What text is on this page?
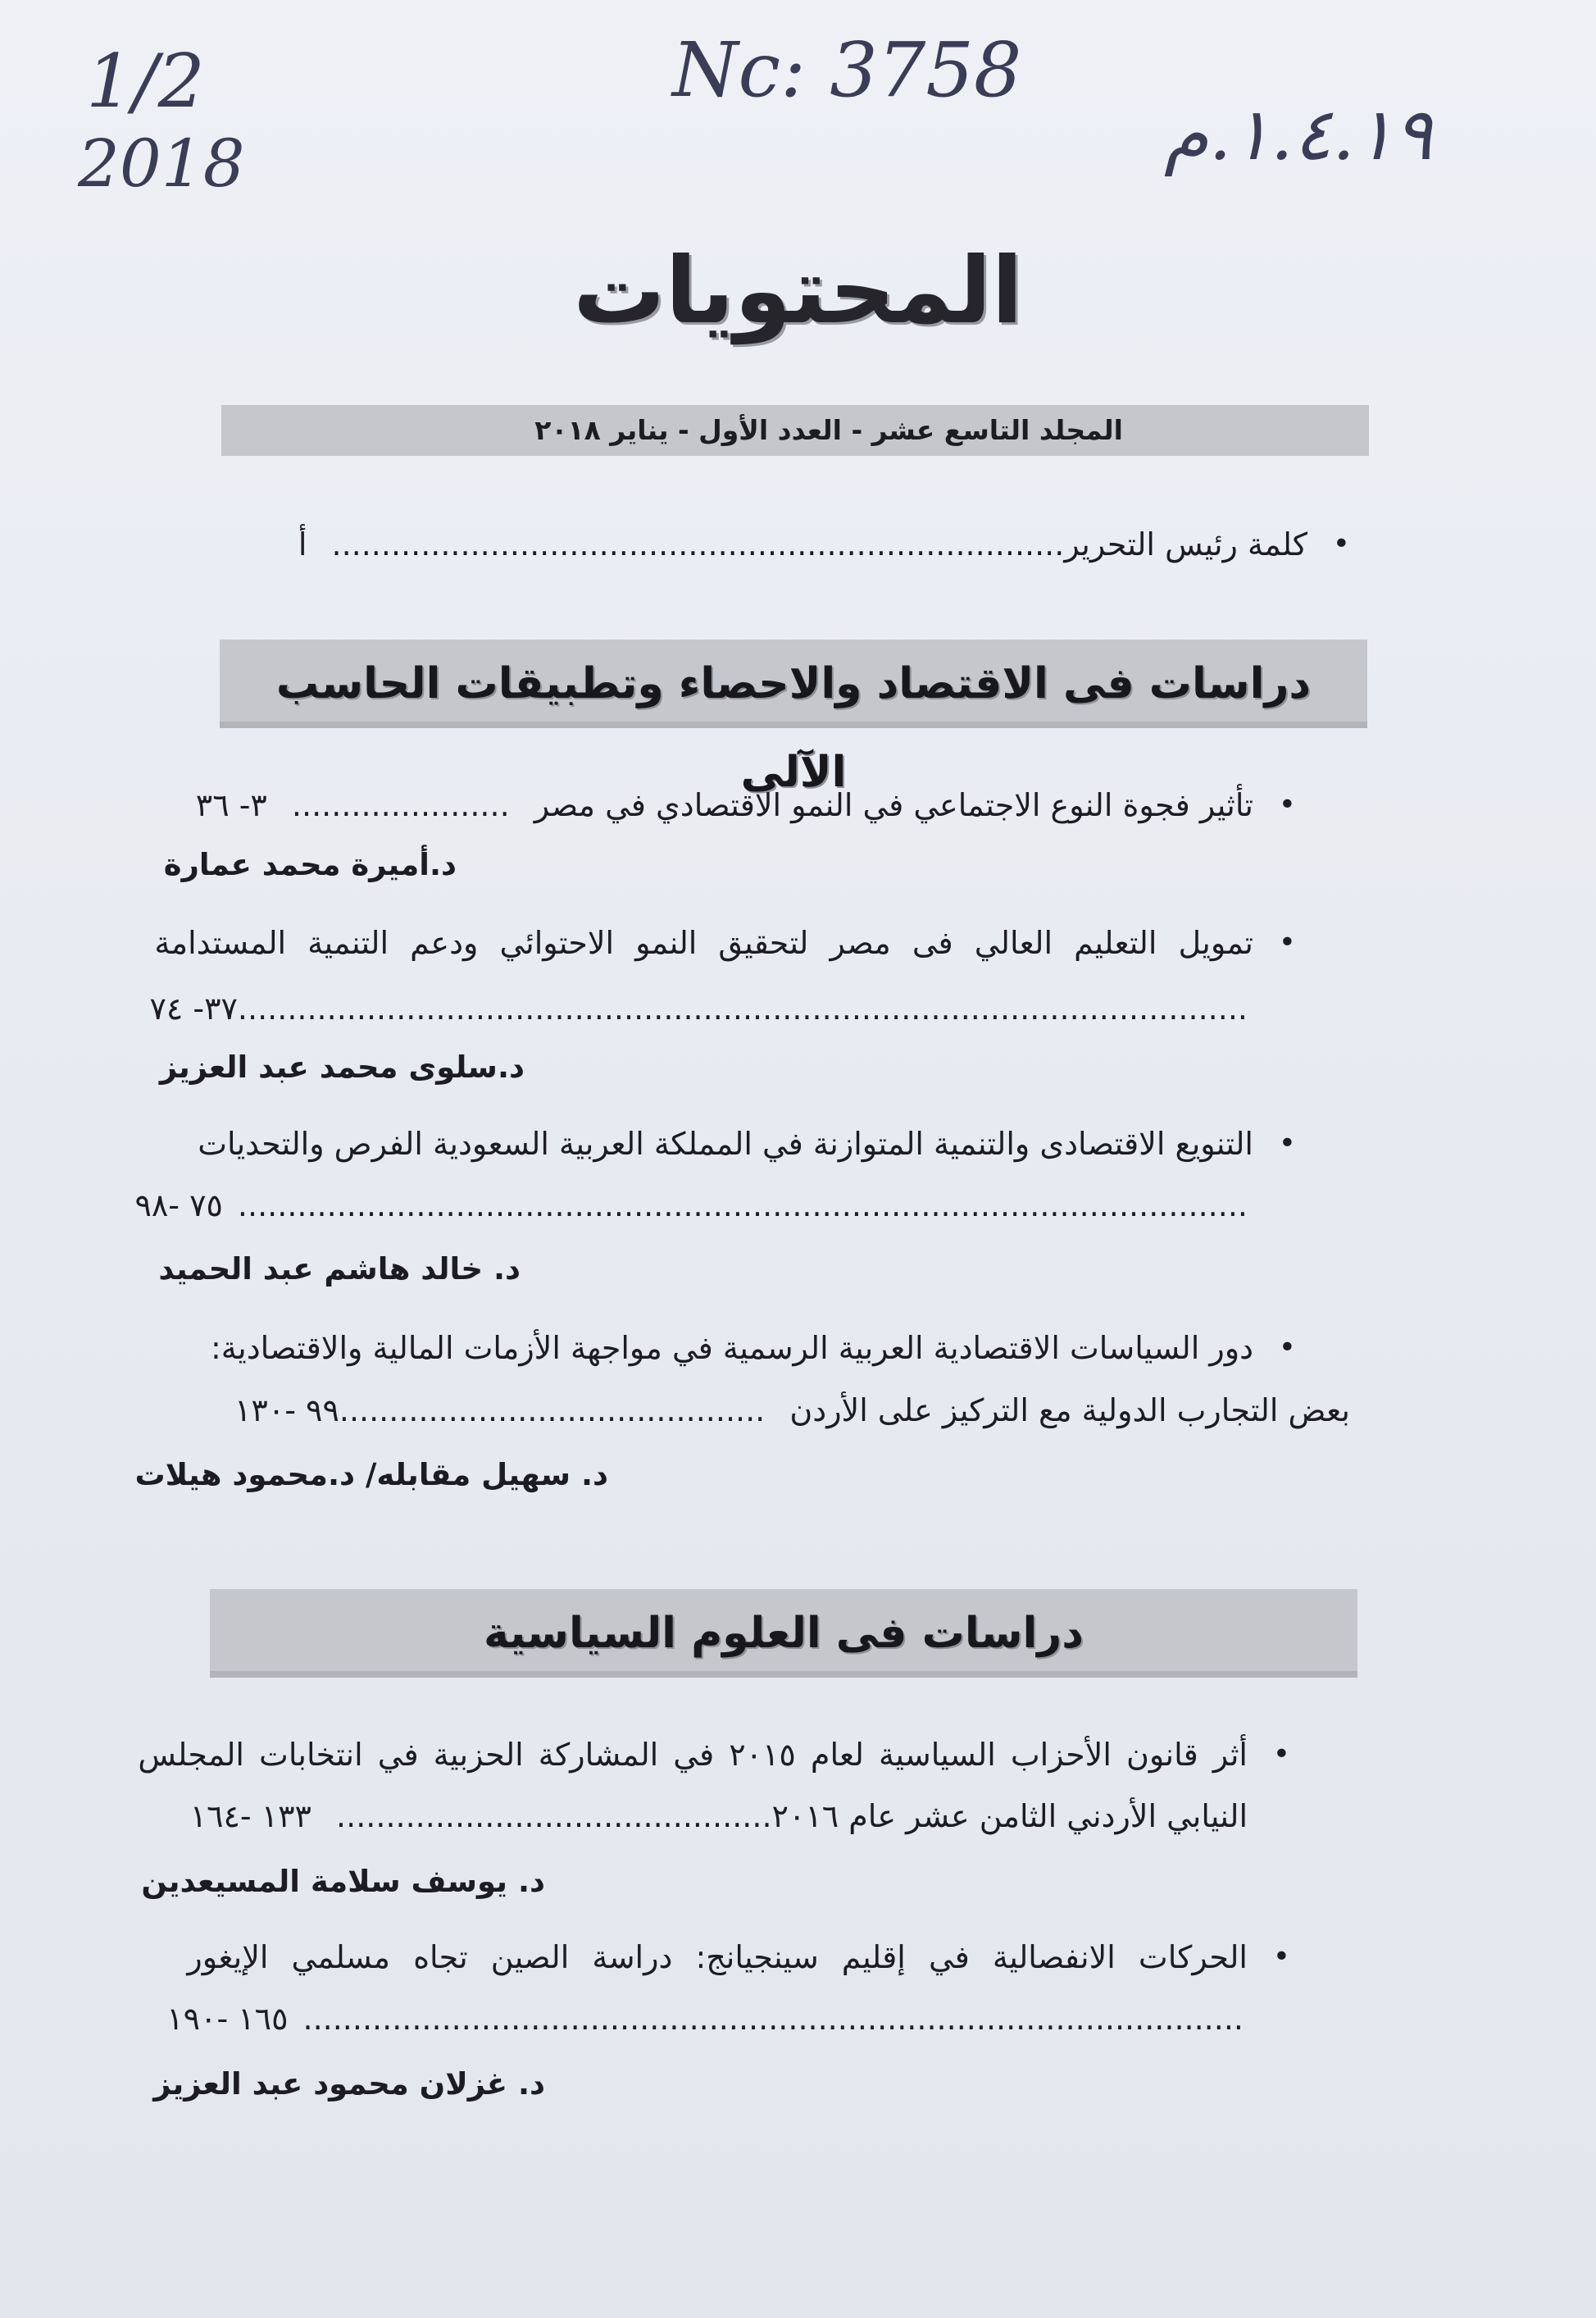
1/2
2018
Nc: 3758
١.٤.١٩.م
المحتويات
المجلد التاسع عشر - العدد الأول - يناير ٢٠١٨
• كلمة رئيس التحرير..........................................................................أ
دراسات فى الاقتصاد والاحصاء وتطبيقات الحاسب الآلى
• تأثير فجوة النوع الاجتماعي في النمو الاقتصادي في مصر ...................... ٣- ٣٦
د.أميرة محمد عمارة
• تمويل التعليم العالي فى مصر لتحقيق النمو الاحتوائي ودعم التنمية المستدامة
......................................................................................................٣٧- ٧٤
د.سلوى محمد عبد العزيز
• التنويع الاقتصادى والتنمية المتوازنة في المملكة العربية السعودية الفرص والتحديات
......................................................................................................٧٥ -٩٨
د. خالد هاشم عبد الحميد
• دور السياسات الاقتصادية العربية الرسمية في مواجهة الأزمات المالية والاقتصادية:
بعض التجارب الدولية مع التركيز على الأردن ...........................................٩٩ -١٣٠
د. سهيل مقابله/ د.محمود هيلات
دراسات فى العلوم السياسية
• أثر قانون الأحزاب السياسية لعام ٢٠١٥ في المشاركة الحزبية في انتخابات المجلس
النيابي الأردني الثامن عشر عام ٢٠١٦............................................ ١٣٣ -١٦٤
د. يوسف سلامة المسيعدين
• الحركات الانفصالية في إقليم سينجيانج: دراسة الصين تجاه مسلمي الإيغور
...............................................................................................١٦٥ -١٩٠
د. غزلان محمود عبد العزيز
